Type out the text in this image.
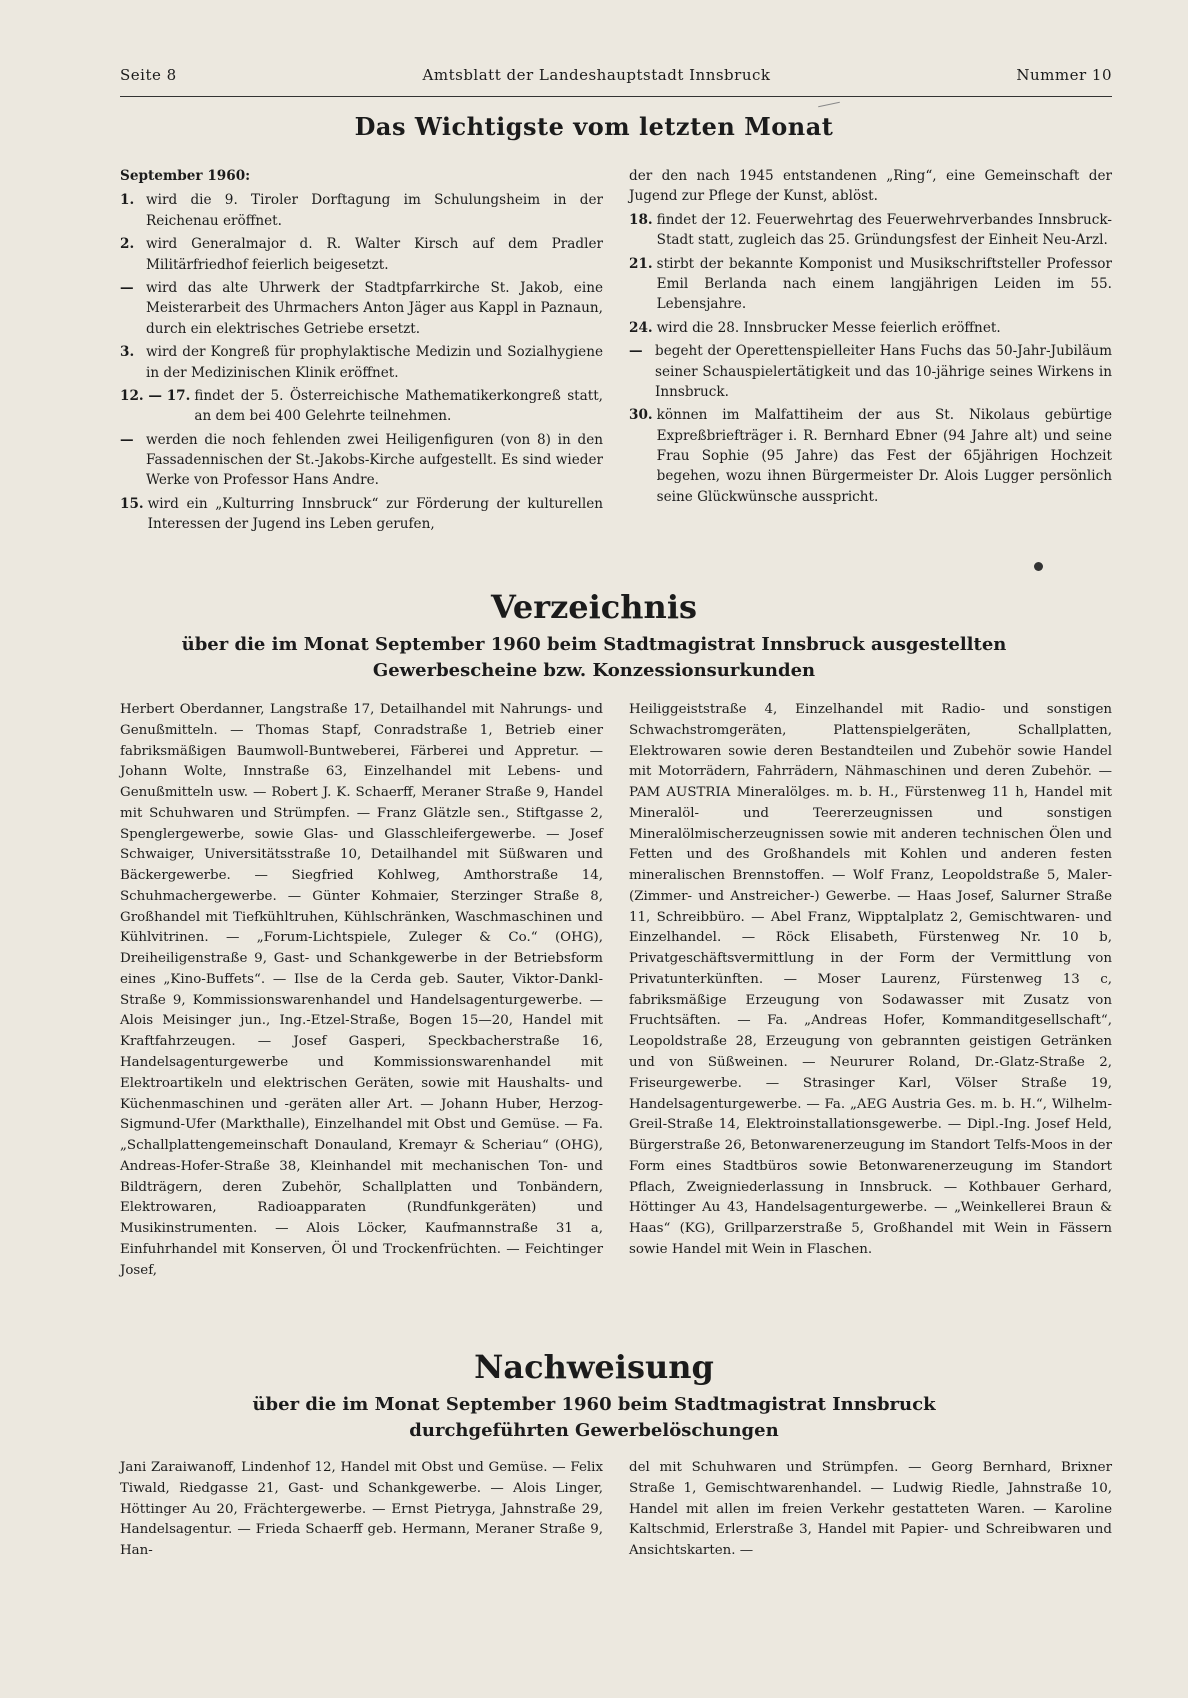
Seite 8	Amtsblatt der Landeshauptstadt Innsbruck	Nummer 10
Das Wichtigste vom letzten Monat
September 1960:
1. wird die 9. Tiroler Dorftagung im Schulungsheim in der Reichenau eröffnet.
2. wird Generalmajor d. R. Walter Kirsch auf dem Pradler Militärfriedhof feierlich beigesetzt.
— wird das alte Uhrwerk der Stadtpfarrkirche St. Jakob, eine Meisterarbeit des Uhrmachers Anton Jäger aus Kappl in Paznaun, durch ein elektrisches Getriebe ersetzt.
3. wird der Kongreß für prophylaktische Medizin und Sozialhygiene in der Medizinischen Klinik eröffnet.
12. — 17. findet der 5. Österreichische Mathematikerkongreß statt, an dem bei 400 Gelehrte teilnehmen.
— werden die noch fehlenden zwei Heiligenfiguren (von 8) in den Fassadennischen der St.-Jakobs-Kirche aufgestellt. Es sind wieder Werke von Professor Hans Andre.
15. wird ein „Kulturring Innsbruck“ zur Förderung der kulturellen Interessen der Jugend ins Leben gerufen,
der den nach 1945 entstandenen „Ring“, eine Gemeinschaft der Jugend zur Pflege der Kunst, ablöst.
18. findet der 12. Feuerwehrtag des Feuerwehrverbandes Innsbruck-Stadt statt, zugleich das 25. Gründungsfest der Einheit Neu-Arzl.
21. stirbt der bekannte Komponist und Musikschriftsteller Professor Emil Berlanda nach einem langjährigen Leiden im 55. Lebensjahre.
24. wird die 28. Innsbrucker Messe feierlich eröffnet.
— begeht der Operettenspielleiter Hans Fuchs das 50-Jahr-Jubiläum seiner Schauspielertätigkeit und das 10-jährige seines Wirkens in Innsbruck.
30. können im Malfattiheim der aus St. Nikolaus gebürtige Expreßbriefträger i. R. Bernhard Ebner (94 Jahre alt) und seine Frau Sophie (95 Jahre) das Fest der 65jährigen Hochzeit begehen, wozu ihnen Bürgermeister Dr. Alois Lugger persönlich seine Glückwünsche ausspricht.
Verzeichnis
über die im Monat September 1960 beim Stadtmagistrat Innsbruck ausgestellten
Gewerbescheine bzw. Konzessionsurkunden
Herbert Oberdanner, Langstraße 17, Detailhandel mit Nahrungs- und Genußmitteln. — Thomas Stapf, Conradstraße 1, Betrieb einer fabriksmäßigen Baumwoll-Buntweberei, Färberei und Appretur. — Johann Wolte, Innstraße 63, Einzelhandel mit Lebens- und Genußmitteln usw. — Robert J. K. Schaerff, Meraner Straße 9, Handel mit Schuhwaren und Strümpfen. — Franz Glätzle sen., Stiftgasse 2, Spenglergewerbe, sowie Glas- und Glasschleifergewerbe. — Josef Schwaiger, Universitätsstraße 10, Detailhandel mit Süßwaren und Bäckergewerbe. — Siegfried Kohlweg, Amthorstraße 14, Schuhmachergewerbe. — Günter Kohmaier, Sterzinger Straße 8, Großhandel mit Tiefkühltruhen, Kühlschränken, Waschmaschinen und Kühlvitrinen. — „Forum-Lichtspiele, Zuleger & Co.“ (OHG), Dreiheiligenstraße 9, Gast- und Schankgewerbe in der Betriebsform eines „Kino-Buffets“. — Ilse de la Cerda geb. Sauter, Viktor-Dankl-Straße 9, Kommissionswarenhandel und Handelsagenturgewerbe. — Alois Meisinger jun., Ing.-Etzel-Straße, Bogen 15—20, Handel mit Kraftfahrzeugen. — Josef Gasperi, Speckbacherstraße 16, Handelsagenturgewerbe und Kommissionswarenhandel mit Elektroartikeln und elektrischen Geräten, sowie mit Haushalts- und Küchenmaschinen und -geräten aller Art. — Johann Huber, Herzog-Sigmund-Ufer (Markthalle), Einzelhandel mit Obst und Gemüse. — Fa. „Schallplattengemeinschaft Donauland, Kremayr & Scheriau“ (OHG), Andreas-Hofer-Straße 38, Kleinhandel mit mechanischen Ton- und Bildträgern, deren Zubehör, Schallplatten und Tonbändern, Elektrowaren, Radioapparaten (Rundfunkgeräten) und Musikinstrumenten. — Alois Löcker, Kaufmannstraße 31 a, Einfuhrhandel mit Konserven, Öl und Trockenfrüchten. — Feichtinger Josef,
Heiliggeiststraße 4, Einzelhandel mit Radio- und sonstigen Schwachstromgeräten, Plattenspielgeräten, Schallplatten, Elektrowaren sowie deren Bestandteilen und Zubehör sowie Handel mit Motorrädern, Fahrrädern, Nähmaschinen und deren Zubehör. — PAM AUSTRIA Mineralölges. m. b. H., Fürstenweg 11 h, Handel mit Mineralöl- und Teererzeugnissen und sonstigen Mineralölmischerzeugnissen sowie mit anderen technischen Ölen und Fetten und des Großhandels mit Kohlen und anderen festen mineralischen Brennstoffen. — Wolf Franz, Leopoldstraße 5, Maler- (Zimmer- und Anstreicher-) Gewerbe. — Haas Josef, Salurner Straße 11, Schreibbüro. — Abel Franz, Wipptalplatz 2, Gemischtwaren- und Einzelhandel. — Röck Elisabeth, Fürstenweg Nr. 10 b, Privatgeschäftsvermittlung in der Form der Vermittlung von Privatunterkünften. — Moser Laurenz, Fürstenweg 13 c, fabriksmäßige Erzeugung von Sodawasser mit Zusatz von Fruchtsäften. — Fa. „Andreas Hofer, Kommanditgesellschaft“, Leopoldstraße 28, Erzeugung von gebrannten geistigen Getränken und von Süßweinen. — Neururer Roland, Dr.-Glatz-Straße 2, Friseurgewerbe. — Strasinger Karl, Völser Straße 19, Handelsagenturgewerbe. — Fa. „AEG Austria Ges. m. b. H.“, Wilhelm-Greil-Straße 14, Elektroinstallationsgewerbe. — Dipl.-Ing. Josef Held, Bürgerstraße 26, Betonwarenerzeugung im Standort Telfs-Moos in der Form eines Stadtbüros sowie Betonwarenerzeugung im Standort Pflach, Zweigniederlassung in Innsbruck. — Kothbauer Gerhard, Höttinger Au 43, Handelsagenturgewerbe. — „Weinkellerei Braun & Haas“ (KG), Grillparzerstraße 5, Großhandel mit Wein in Fässern sowie Handel mit Wein in Flaschen.
Nachweisung
über die im Monat September 1960 beim Stadtmagistrat Innsbruck
durchgeführten Gewerbelöschungen
Jani Zaraiwanoff, Lindenhof 12, Handel mit Obst und Gemüse. — Felix Tiwald, Riedgasse 21, Gast- und Schankgewerbe. — Alois Linger, Höttinger Au 20, Frächtergewerbe. — Ernst Pietryga, Jahnstraße 29, Handelsagentur. — Frieda Schaerff geb. Hermann, Meraner Straße 9, Han-
del mit Schuhwaren und Strümpfen. — Georg Bernhard, Brixner Straße 1, Gemischtwarenhandel. — Ludwig Riedle, Jahnstraße 10, Handel mit allen im freien Verkehr gestatteten Waren. — Karoline Kaltschmid, Erlerstraße 3, Handel mit Papier- und Schreibwaren und Ansichtskarten. —
